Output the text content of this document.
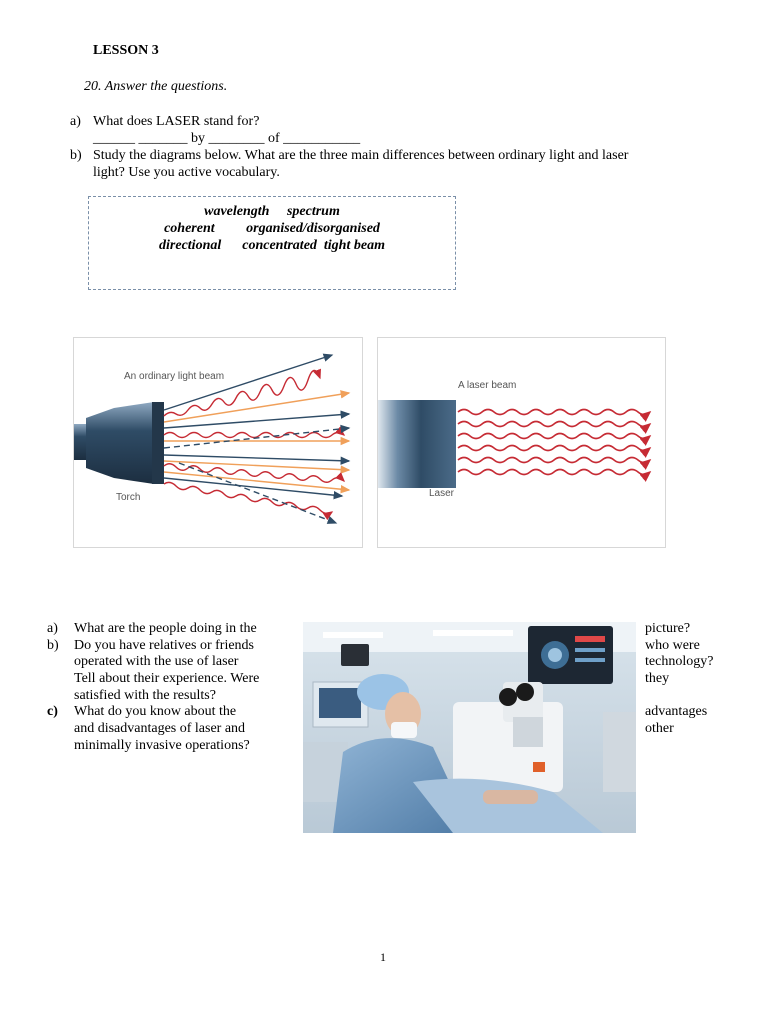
LESSON 3
20. Answer the questions.
a) What does LASER stand for?
______ _______ by ________ of ___________
b) Study the diagrams below. What are the three main differences between ordinary light and laser
light? Use you active vocabulary.
wavelength     spectrum
coherent         organised/disorganised
directional      concentrated  tight beam
An ordinary light beam
Torch
A laser beam
Laser
a) What are the people doing in the
b) Do you have relatives or friends
operated with the use of laser
Tell about their experience. Were
satisfied with the results?
c) What do you know about the
and disadvantages of laser and
minimally invasive operations?
picture?
who were
technology?
they
advantages
other
1
